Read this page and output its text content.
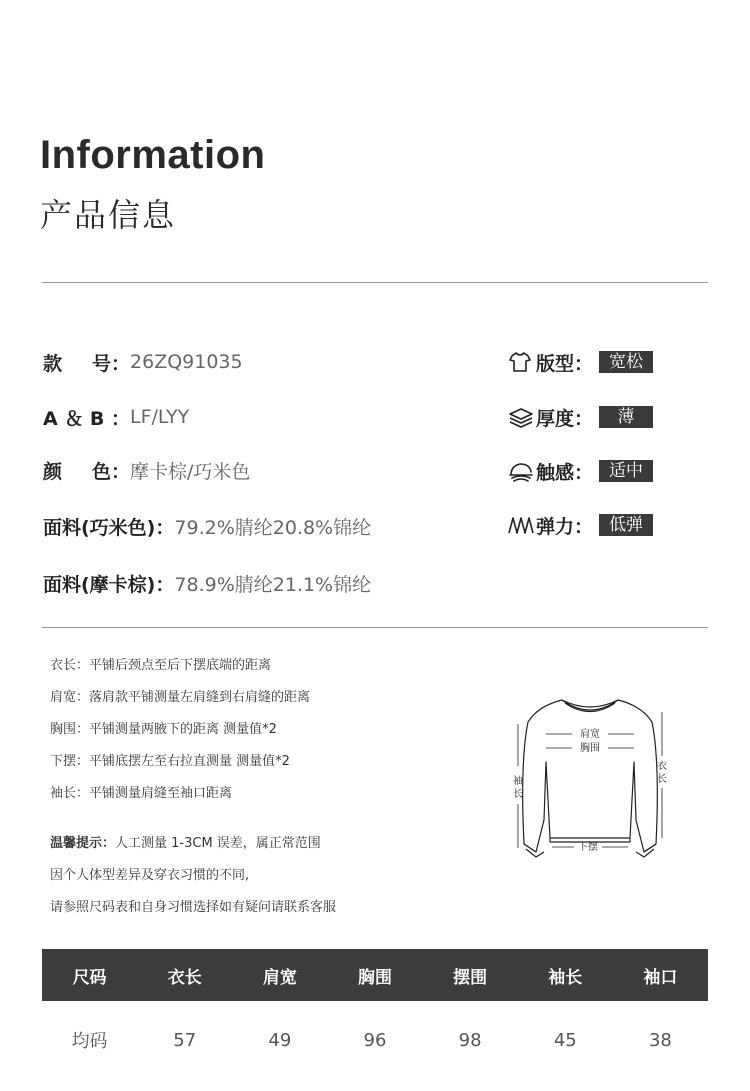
Information
产品信息
款 号 ： 26ZQ91035
A ＆ B ： LF/LYY
颜 色 ： 摩卡棕/巧米色
面料(巧米色) ： 79.2%腈纶20.8%锦纶
面料(摩卡棕) ： 78.9%腈纶21.1%锦纶
版型 ： 宽松
厚度 ：	薄
触感 ： 适中
弹力 ： 低弹
衣长：平铺后颈点至后下摆底端的距离
肩宽：落肩款平铺测量左肩缝到右肩缝的距离
胸围：平铺测量两腋下的距离 测量值*2
下摆：平铺底摆左至右拉直测量 测量值*2
袖长：平铺测量肩缝至袖口距离
温馨提示：人工测量 1-3CM 误差，属正常范围
因个人体型差异及穿衣习惯的不同,
请参照尺码表和自身习惯选择如有疑问请联系客服
肩宽
胸围
下摆
袖
长
衣
长
尺码	衣长	肩宽	胸围	摆围	袖长	袖口
均码	57	49	96	98	45	38
